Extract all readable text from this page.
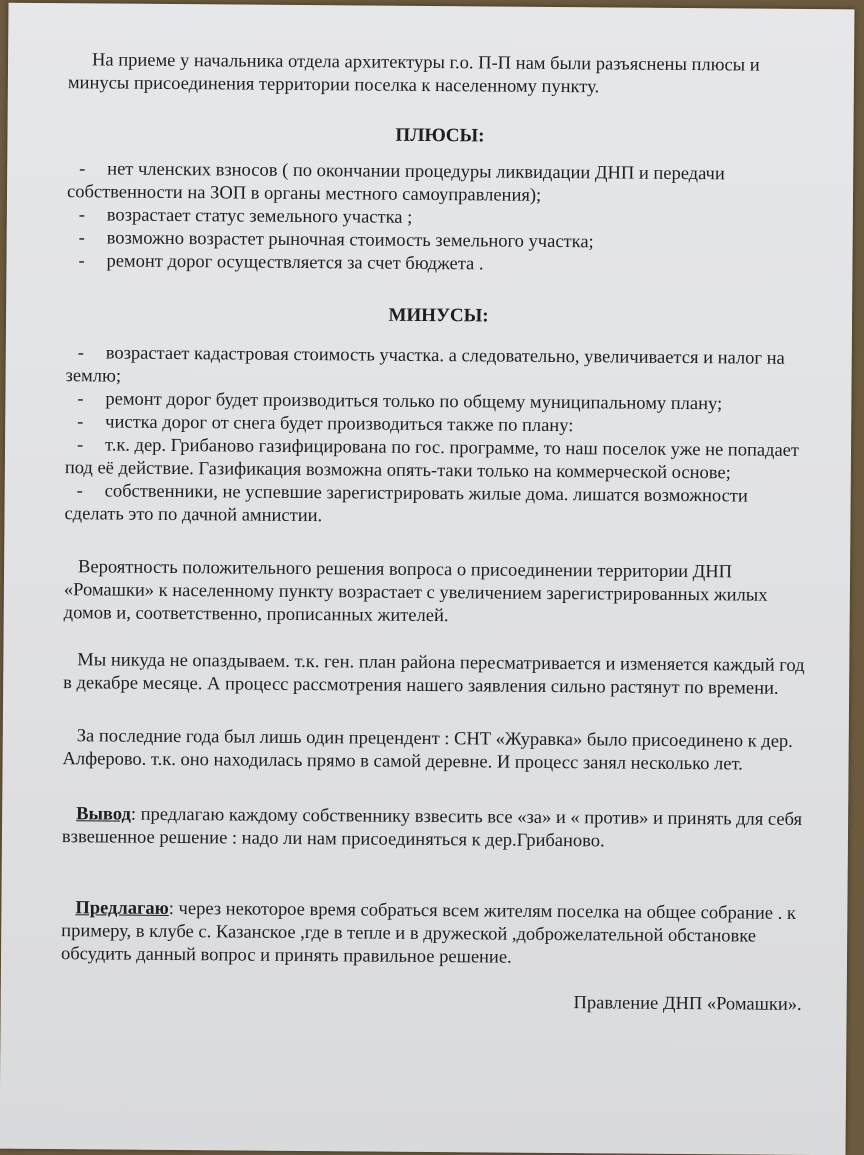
На приеме у начальника отдела архитектуры г.о. П-П нам были разъяснены плюсы и минусы присоединения территории поселка к населенному пункту.

ПЛЮСЫ:

- нет членских взносов ( по окончании процедуры ликвидации ДНП и передачи собственности на ЗОП в органы местного самоуправления);
- возрастает статус земельного участка ;
- возможно возрастет рыночная стоимость земельного участка;
- ремонт дорог осуществляется за счет бюджета .

МИНУСЫ:

- возрастает кадастровая стоимость участка. а следовательно, увеличивается и налог на землю;
- ремонт дорог будет производиться только по общему муниципальному плану;
- чистка дорог от снега будет производиться также по плану:
- т.к. дер. Грибаново газифицирована по гос. программе, то наш поселок уже не попадает под её действие. Газификация возможна опять-таки только на коммерческой основе;
- собственники, не успевшие зарегистрировать жилые дома. лишатся возможности сделать это по дачной амнистии.

Вероятность положительного решения вопроса о присоединении территории ДНП «Ромашки» к населенному пункту возрастает с увеличением зарегистрированных жилых домов и, соответственно, прописанных жителей.

Мы никуда не опаздываем. т.к. ген. план района пересматривается и изменяется каждый год в декабре месяце. А процесс рассмотрения нашего заявления сильно растянут по времени.

За последние года был лишь один прецендент : СНТ «Журавка» было присоединено к дер. Алферово. т.к. оно находилась прямо в самой деревне. И процесс занял несколько лет.

Вывод: предлагаю каждому собственнику взвесить все «за» и « против» и принять для себя взвешенное решение : надо ли нам присоединяться к дер.Грибаново.

Предлагаю: через некоторое время собраться всем жителям поселка на общее собрание . к примеру, в клубе с. Казанское ,где в тепле и в дружеской ,доброжелательной обстановке обсудить данный вопрос и принять правильное решение.

Правление ДНП «Ромашки».
